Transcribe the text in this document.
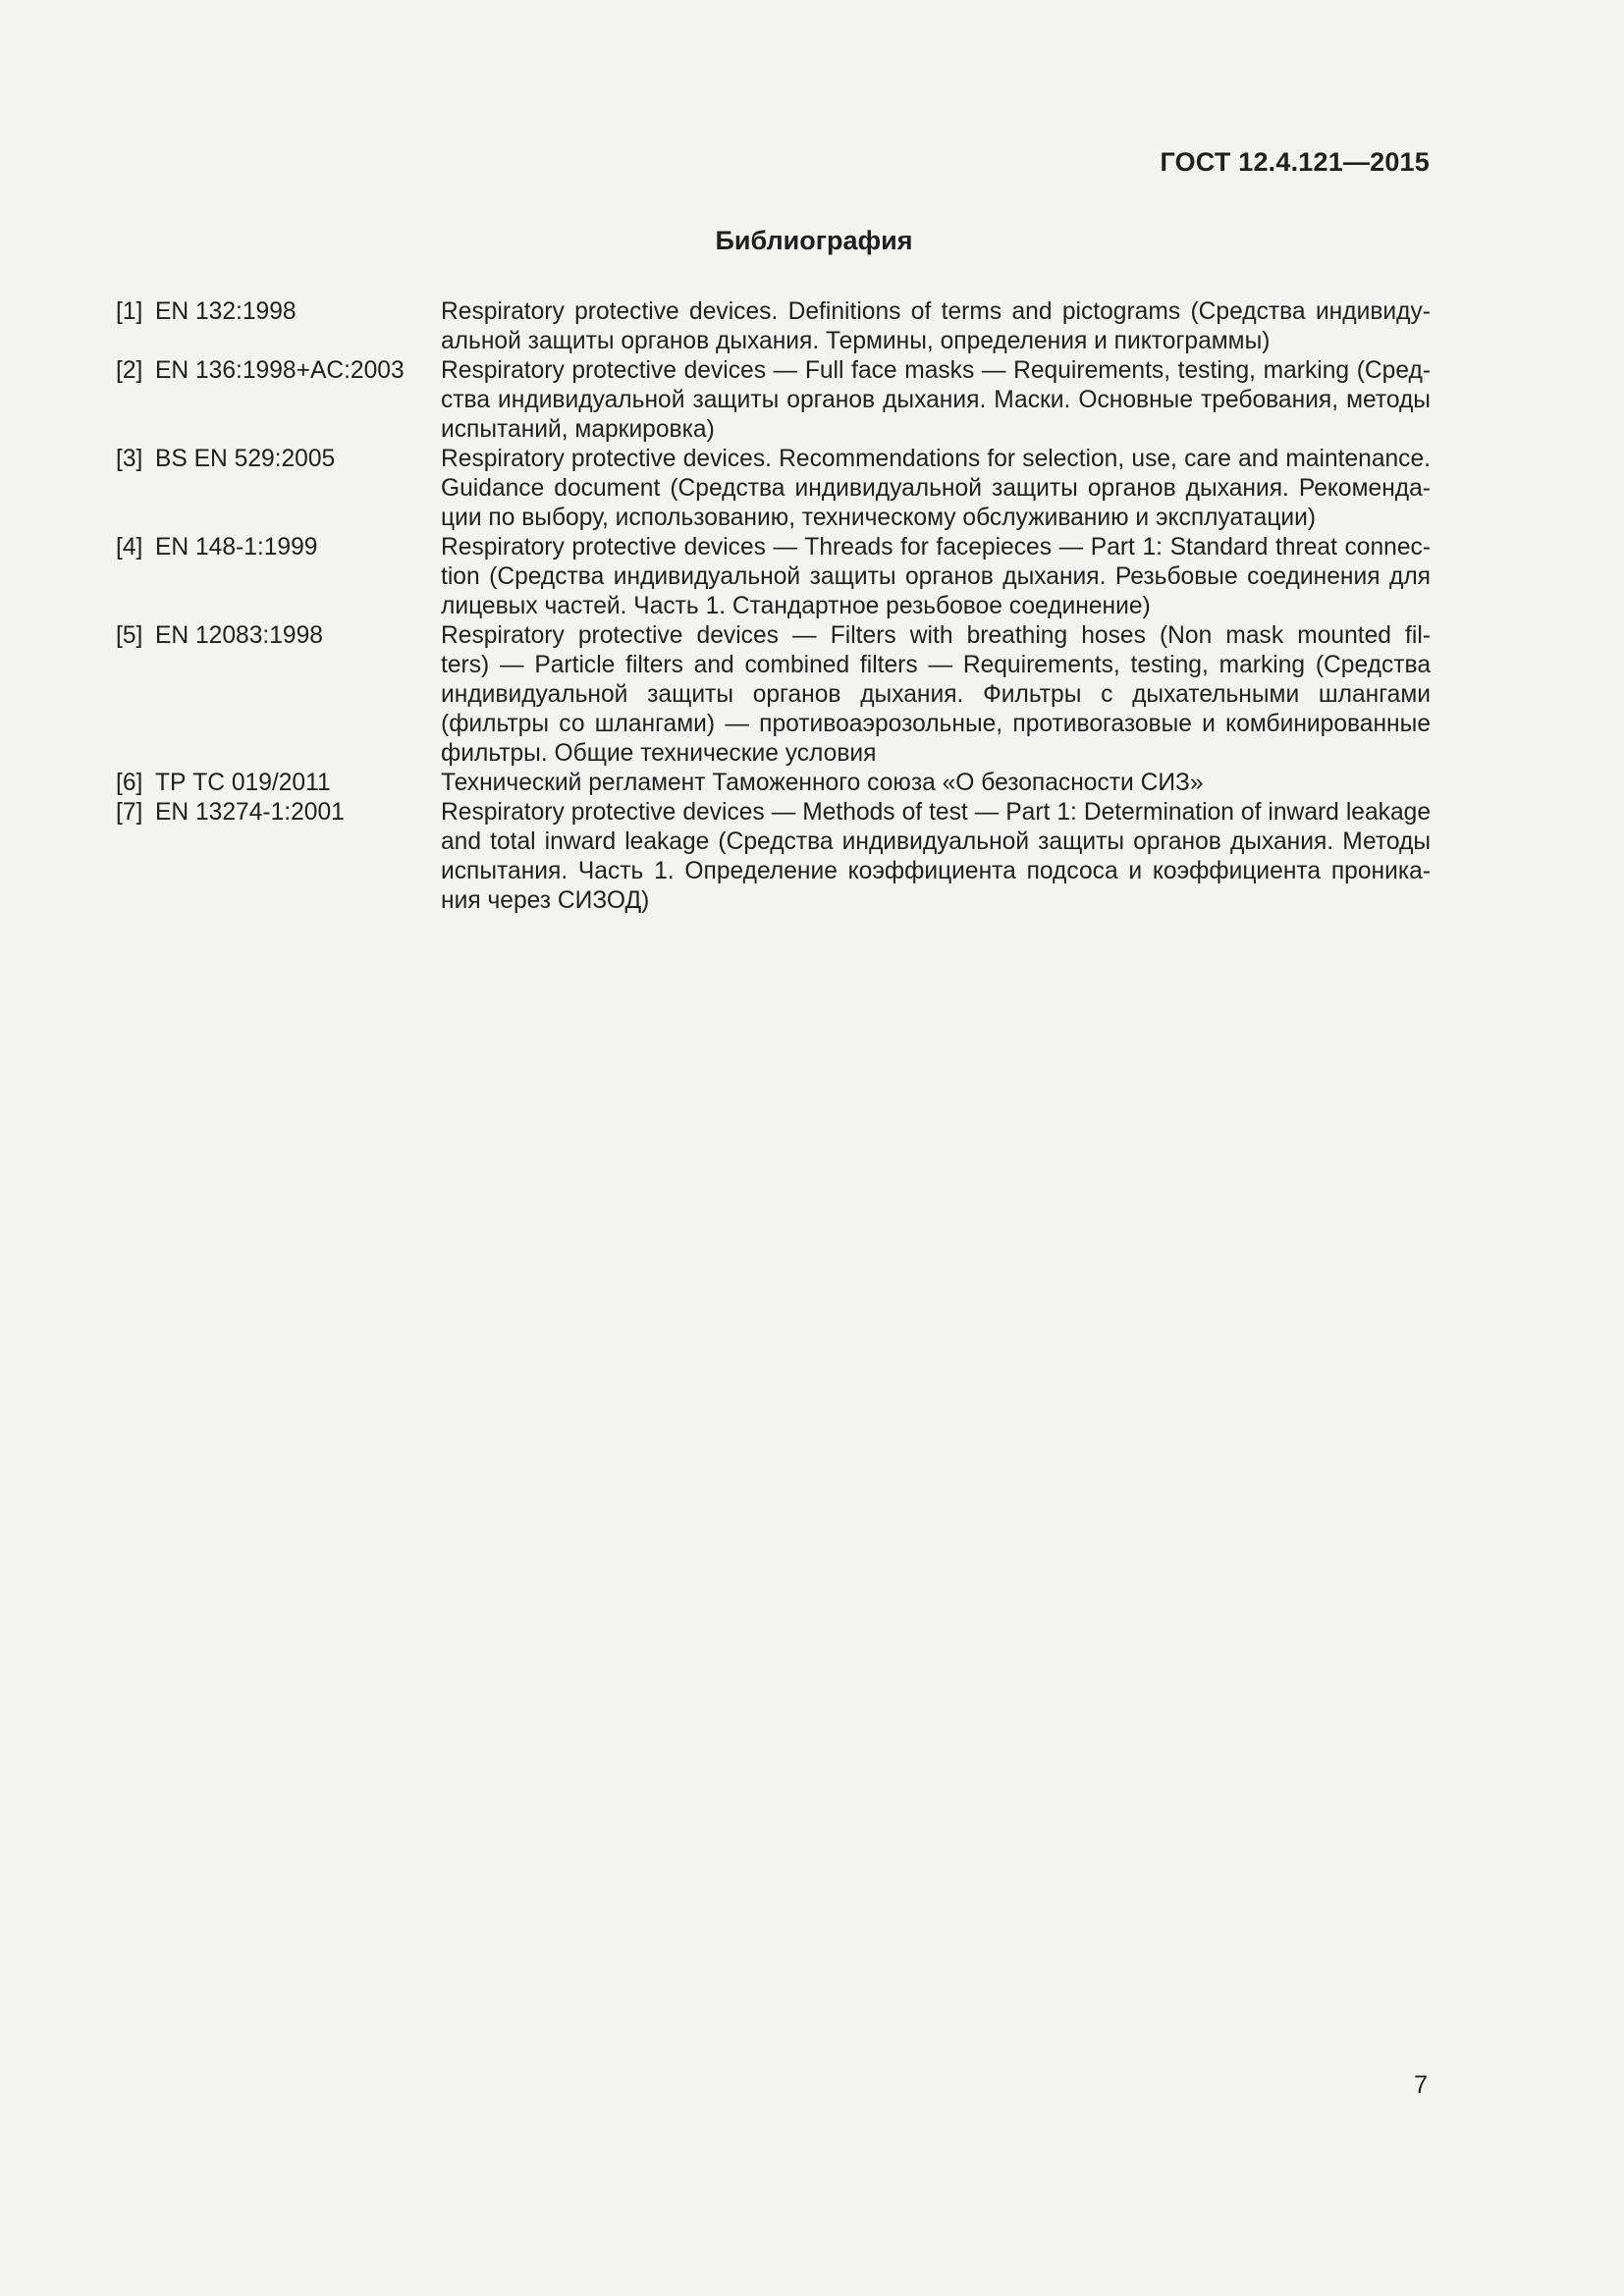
ГОСТ 12.4.121—2015
Библиография
[1] EN 132:1998	Respiratory protective devices. Definitions of terms and pictograms (Средства индивиду-
альной защиты органов дыхания. Термины, определения и пиктограммы)
[2] EN 136:1998+AC:2003	Respiratory protective devices — Full face masks — Requirements, testing, marking (Сред-
ства индивидуальной защиты органов дыхания. Маски. Основные требования, методы
испытаний, маркировка)
[3] BS EN 529:2005	Respiratory protective devices. Recommendations for selection, use, care and maintenance.
Guidance document (Средства индивидуальной защиты органов дыхания. Рекоменда-
ции по выбору, использованию, техническому обслуживанию и эксплуатации)
[4] EN 148-1:1999	Respiratory protective devices — Threads for facepieces — Part 1: Standard threat connec-
tion (Средства индивидуальной защиты органов дыхания. Резьбовые соединения для
лицевых частей. Часть 1. Стандартное резьбовое соединение)
[5] EN 12083:1998	Respiratory protective devices — Filters with breathing hoses (Non mask mounted fil-
ters) — Particle filters and combined filters — Requirements, testing, marking (Средства
индивидуальной защиты органов дыхания. Фильтры с дыхательными шлангами
(фильтры со шлангами) — противоаэрозольные, противогазовые и комбинированные
фильтры. Общие технические условия
[6] ТР ТС 019/2011	Технический регламент Таможенного союза «О безопасности СИЗ»
[7] EN 13274-1:2001	Respiratory protective devices — Methods of test — Part 1: Determination of inward leakage
and total inward leakage (Средства индивидуальной защиты органов дыхания. Методы
испытания. Часть 1. Определение коэффициента подсоса и коэффициента проника-
ния через СИЗОД)
7
